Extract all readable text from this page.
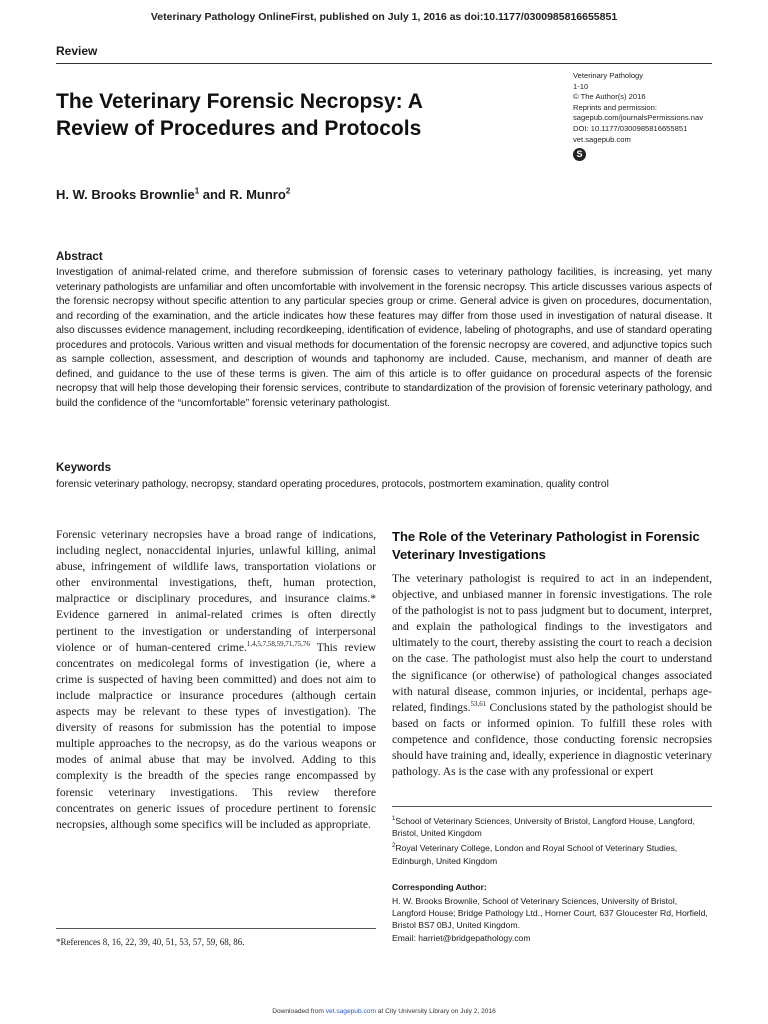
Veterinary Pathology OnlineFirst, published on July 1, 2016 as doi:10.1177/0300985816655851
Review
The Veterinary Forensic Necropsy: A Review of Procedures and Protocols
Veterinary Pathology
1-10
© The Author(s) 2016
Reprints and permission:
sagepub.com/journalsPermissions.nav
DOI: 10.1177/0300985816655851
vet.sagepub.com
S
H. W. Brooks Brownlie$^1$ and R. Munro$^2$
Abstract

Investigation of animal-related crime, and therefore submission of forensic cases to veterinary pathology facilities, is increasing, yet many veterinary pathologists are unfamiliar and often uncomfortable with involvement in the forensic necropsy. This article discusses various aspects of the forensic necropsy without specific attention to any particular species group or crime. General advice is given on procedures, documentation, and recording of the examination, and the article indicates how these features may differ from those used in investigation of natural disease. It also discusses evidence management, including recordkeeping, identification of evidence, labeling of photographs, and use of standard operating procedures and protocols. Various written and visual methods for documentation of the forensic necropsy are covered, and adjunctive topics such as sample collection, assessment, and description of wounds and taphonomy are included. Cause, mechanism, and manner of death are defined, and guidance to the use of these terms is given. The aim of this article is to offer guidance on procedural aspects of the forensic necropsy that will help those developing their forensic services, contribute to standardization of the provision of forensic veterinary pathology, and build the confidence of the “uncomfortable” forensic veterinary pathologist.

Keywords

forensic veterinary pathology, necropsy, standard operating procedures, protocols, postmortem examination, quality control

Forensic veterinary necropsies have a broad range of indications, including neglect, nonaccidental injuries, unlawful killing, animal abuse, infringement of wildlife laws, transportation violations or other environmental investigations, theft, human protection, malpractice or disciplinary procedures, and insurance claims.* Evidence garnered in animal-related crimes is often directly pertinent to the investigation or understanding of interpersonal violence or of human-centered crime.$^{1,4,5,7,58,59,71,75,76}$ This review concentrates on medicolegal forms of investigation (ie, where a crime is suspected of having been committed) and does not aim to include malpractice or insurance procedures (although certain aspects may be relevant to these types of investigation). The diversity of reasons for submission has the potential to impose multiple approaches to the necropsy, as do the various weapons or modes of animal abuse that may be involved. Adding to this complexity is the breadth of the species range encompassed by forensic veterinary investigations. This review therefore concentrates on generic issues of procedure pertinent to forensic necropsies, although some specifics will be included as appropriate.

*References 8, 16, 22, 39, 40, 51, 53, 57, 59, 68, 86.
The Role of the Veterinary Pathologist in Forensic Veterinary Investigations

The veterinary pathologist is required to act in an independent, objective, and unbiased manner in forensic investigations. The role of the pathologist is not to pass judgment but to document, interpret, and explain the pathological findings to the investigators and ultimately to the court, thereby assisting the court to reach a decision on the case. The pathologist must also help the court to understand the significance (or otherwise) of pathological changes associated with natural disease, common injuries, or incidental, perhaps age-related, findings.$^{53,61}$ Conclusions stated by the pathologist should be based on facts or informed opinion. To fulfill these roles with competence and confidence, those conducting forensic necropsies should have training and, ideally, experience in diagnostic veterinary pathology. As is the case with any professional or expert

$^1$School of Veterinary Sciences, University of Bristol, Langford House, Langford, Bristol, United Kingdom

$^2$Royal Veterinary College, London and Royal School of Veterinary Studies, Edinburgh, United Kingdom

Corresponding Author:
H. W. Brooks Brownlie, School of Veterinary Sciences, University of Bristol, Langford House; Bridge Pathology Ltd., Horner Court, 637 Gloucester Rd, Horfield, Bristol BS7 0BJ, United Kingdom.
Email: harriet@bridgepathology.com
Downloaded from vet.sagepub.com at City University Library on July 2, 2016
